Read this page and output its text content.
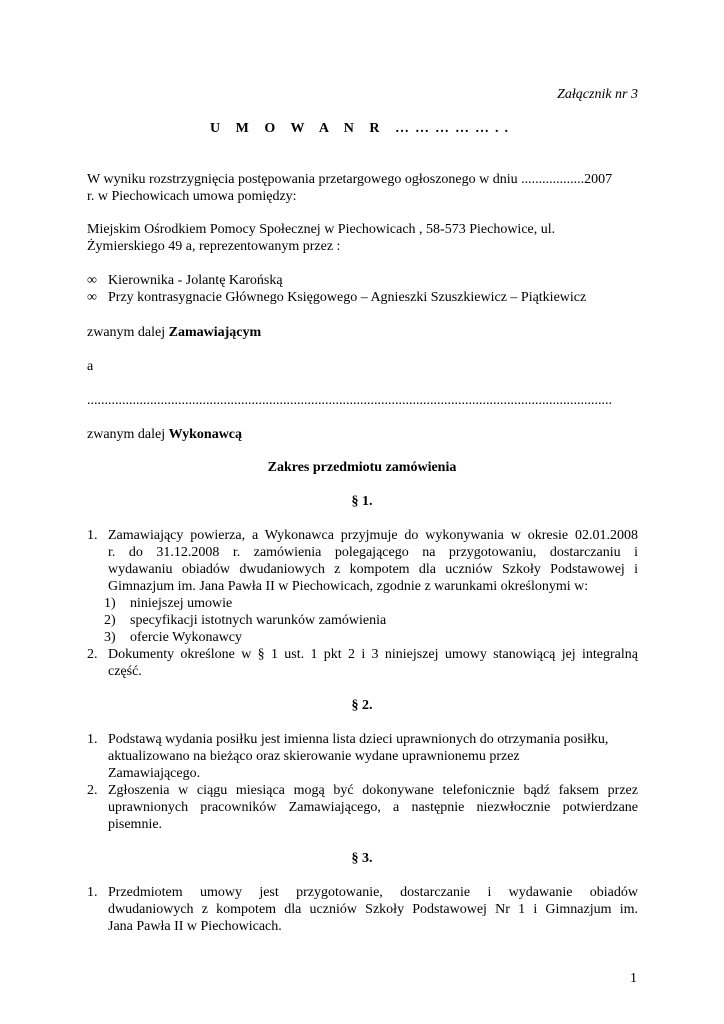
Załącznik nr 3
U M O W A N R ……………..
W wyniku rozstrzygnięcia postępowania przetargowego ogłoszonego w dniu ..................2007
r. w Piechowicach umowa pomiędzy:
Miejskim Ośrodkiem Pomocy Społecznej w Piechowicach , 58-573 Piechowice, ul.
Żymierskiego 49 a, reprezentowanym przez :
∞ Kierownika - Jolantę Karońską
∞ Przy kontrasygnacie Głównego Księgowego – Agnieszki Szuszkiewicz – Piątkiewicz
zwanym dalej Zamawiającym
a
......................................................................................................................................................
zwanym dalej Wykonawcą
Zakres przedmiotu zamówienia
§ 1.
1. Zamawiający powierza, a Wykonawca przyjmuje do wykonywania w okresie 02.01.2008
r. do 31.12.2008 r. zamówienia polegającego na przygotowaniu, dostarczaniu i
wydawaniu obiadów dwudaniowych z kompotem dla uczniów Szkoły Podstawowej i
Gimnazjum im. Jana Pawła II w Piechowicach, zgodnie z warunkami określonymi w:
1) niniejszej umowie
2) specyfikacji istotnych warunków zamówienia
3) ofercie Wykonawcy
2. Dokumenty określone w § 1 ust. 1 pkt 2 i 3 niniejszej umowy stanowiącą jej integralną
część.
§ 2.
1. Podstawą wydania posiłku jest imienna lista dzieci uprawnionych do otrzymania posiłku,
aktualizowano na bieżąco oraz skierowanie wydane uprawnionemu przez
Zamawiającego.
2. Zgłoszenia w ciągu miesiąca mogą być dokonywane telefonicznie bądź faksem przez
uprawnionych pracowników Zamawiającego, a następnie niezwłocznie potwierdzane
pisemnie.
§ 3.
1. Przedmiotem umowy jest przygotowanie, dostarczanie i wydawanie obiadów
dwudaniowych z kompotem dla uczniów Szkoły Podstawowej Nr 1 i Gimnazjum im.
Jana Pawła II w Piechowicach.
1
